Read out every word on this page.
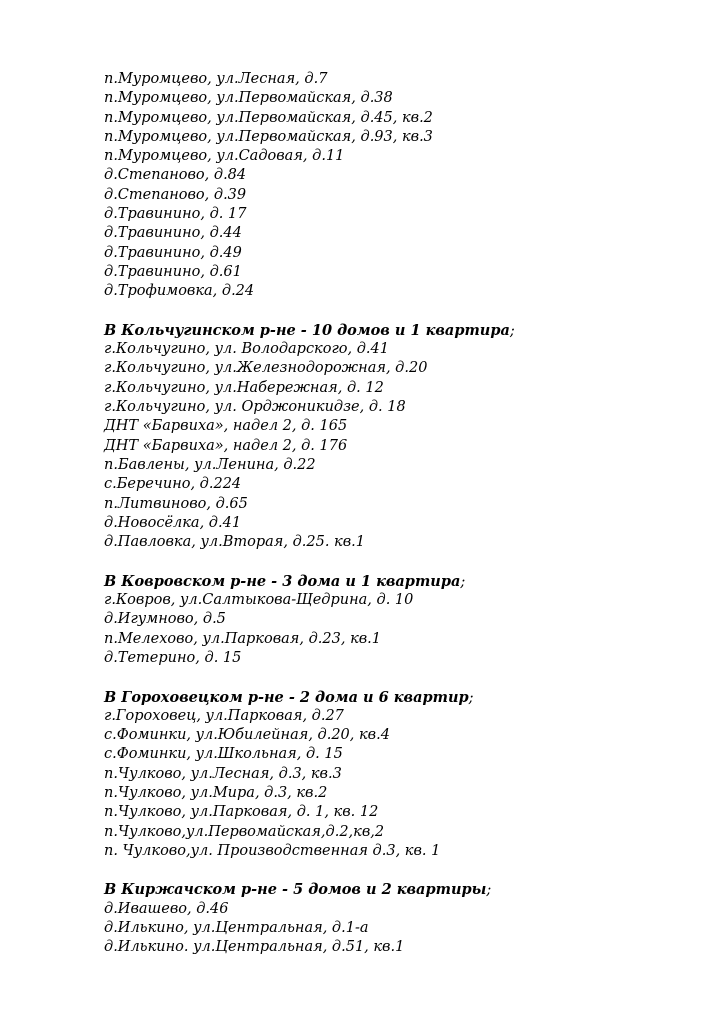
п.Муромцево, ул.Лесная, д.7
п.Муромцево, ул.Первомайская, д.38
п.Муромцево, ул.Первомайская, д.45, кв.2
п.Муромцево, ул.Первомайская, д.93, кв.3
п.Муромцево, ул.Садовая, д.11
д.Степаново, д.84
д.Степаново, д.39
д.Травинино, д. 17
д.Травинино, д.44
д.Травинино, д.49
д.Травинино, д.61
д.Трофимовка, д.24
В Кольчугинском р-не - 10 домов и 1 квартира;
г.Кольчугино, ул. Володарского, д.41
г.Кольчугино, ул.Железнодорожная, д.20
г.Кольчугино, ул.Набережная, д. 12
г.Кольчугино, ул. Орджоникидзе, д. 18
ДНТ «Барвиха», надел 2, д. 165
ДНТ «Барвиха», надел 2, д. 176
п.Бавлены, ул.Ленина, д.22
с.Беречино, д.224
п.Литвиново, д.65
д.Новосёлка, д.41
д.Павловка, ул.Вторая, д.25. кв.1
В Ковровском р-не - 3 дома и 1 квартира;
г.Ковров, ул.Салтыкова-Щедрина, д. 10
д.Игумново, д.5
п.Мелехово, ул.Парковая, д.23, кв.1
д.Тетерино, д. 15
В Гороховецком р-не - 2 дома и 6 квартир;
г.Гороховец, ул.Парковая, д.27
с.Фоминки, ул.Юбилейная, д.20, кв.4
с.Фоминки, ул.Школьная, д. 15
п.Чулково, ул.Лесная, д.3, кв.3
п.Чулково, ул.Мира, д.3, кв.2
п.Чулково, ул.Парковая, д. 1, кв. 12
п.Чулково,ул.Первомайская,д.2,кв,2
п. Чулково,ул. Производственная д.3, кв. 1
В Киржачском р-не - 5 домов и 2 квартиры;
д.Ивашево, д.46
д.Илькино, ул.Центральная, д.1-а
д.Илькино. ул.Центральная, д.51, кв.1
